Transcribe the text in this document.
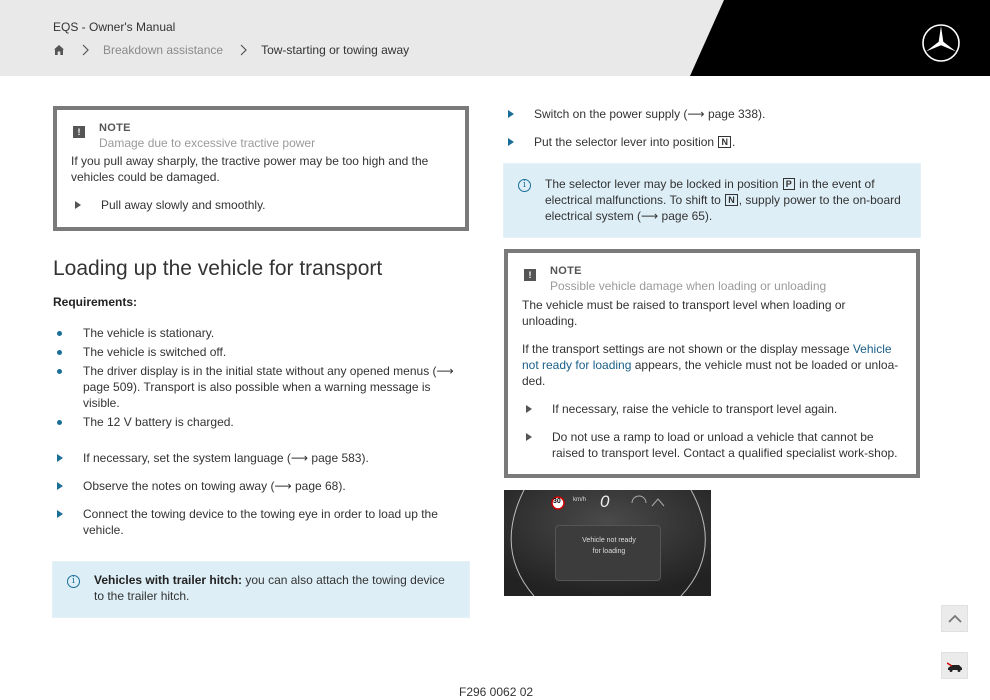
EQS - Owner's Manual
Breakdown assistance	Tow-starting or towing away
!	NOTE
Damage due to excessive tractive power
If you pull away sharply, the tractive power may be too high and the vehicles could be damaged.
Pull away slowly and smoothly.
Loading up the vehicle for transport
Requirements:
The vehicle is stationary.
The vehicle is switched off.
The driver display is in the initial state without any opened menus (⟶ page 509). Transport is also possible when a warning message is visible.
The 12 V battery is charged.
If necessary, set the system language (⟶ page 583).
Observe the notes on towing away (⟶ page 68).
Connect the towing device to the towing eye in order to load up the vehicle.
i	Vehicles with trailer hitch: you can also attach the towing device to the trailer hitch.
Switch on the power supply (⟶ page 338).
Put the selector lever into position N .
i	The selector lever may be locked in position P in the event of electrical malfunctions. To shift to N , supply power to the on-board electrical system (⟶ page 65).
!	NOTE
Possible vehicle damage when loading or unloading
The vehicle must be raised to transport level when loading or unloading.
If the transport settings are not shown or the display message Vehicle not ready for loading appears, the vehicle must not be loaded or unloa-ded.
If necessary, raise the vehicle to transport level again.
Do not use a ramp to load or unload a vehicle that cannot be raised to transport level. Contact a qualified specialist work-shop.
30 km/h 0
Vehicle not ready
for loading
F296 0062 02
